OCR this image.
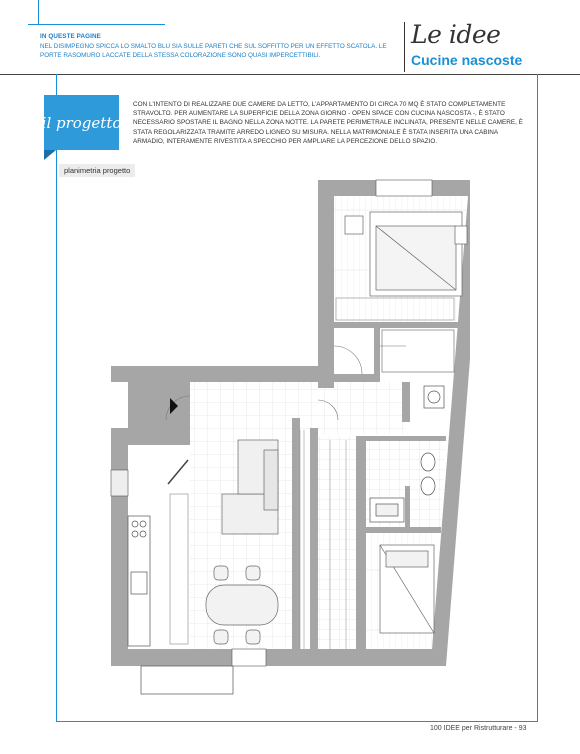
IN QUESTE PAGINE
NEL DISIMPEGNO SPICCA LO SMALTO BLU SIA SULLE PARETI CHE SUL SOFFITTO PER UN EFFETTO SCATOLA. LE PORTE RASOMURO LACCATE DELLA STESSA COLORAZIONE SONO QUASI IMPERCETTIBILI.
Le idee
Cucine nascoste
il progetto
CON L'INTENTO DI REALIZZARE DUE CAMERE DA LETTO, L'APPARTAMENTO DI CIRCA 70 MQ È STATO COMPLETAMENTE STRAVOLTO. PER AUMENTARE LA SUPERFICIE DELLA ZONA GIORNO - OPEN SPACE CON CUCINA NASCOSTA -, È STATO NECESSARIO SPOSTARE IL BAGNO NELLA ZONA NOTTE. LA PARETE PERIMETRALE INCLINATA, PRESENTE NELLE CAMERE, È STATA REGOLARIZZATA TRAMITE ARREDO LIGNEO SU MISURA. NELLA MATRIMONIALE È STATA INSERITA UNA CABINA ARMADIO, INTERAMENTE RIVESTITA A SPECCHIO PER AMPLIARE LA PERCEZIONE DELLO SPAZIO.
planimetria progetto
100 IDEE per Ristrutturare - 93
